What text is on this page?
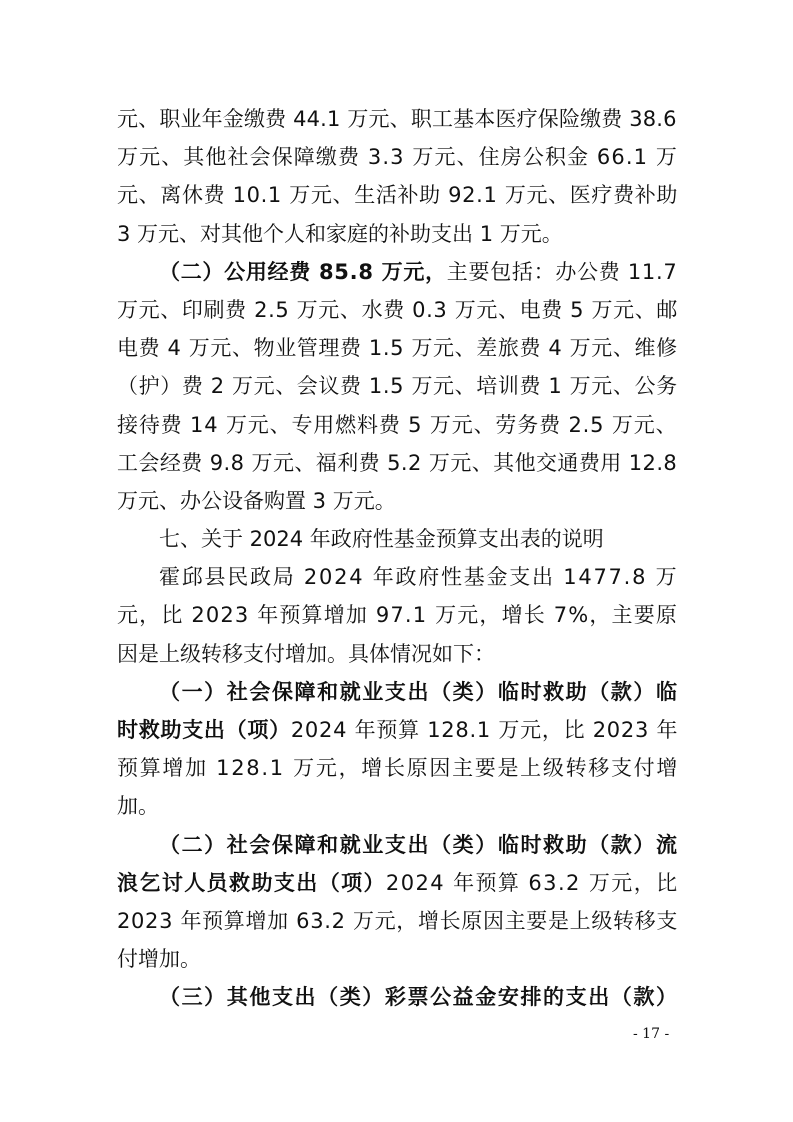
元、职业年金缴费 44.1 万元、职工基本医疗保险缴费 38.6
万元、其他社会保障缴费 3.3 万元、住房公积金 66.1 万
元、离休费 10.1 万元、生活补助 92.1 万元、医疗费补助
3 万元、对其他个人和家庭的补助支出 1 万元。
（二）公用经费 85.8 万元，主要包括：办公费 11.7
万元、印刷费 2.5 万元、水费 0.3 万元、电费 5 万元、邮
电费 4 万元、物业管理费 1.5 万元、差旅费 4 万元、维修
（护）费 2 万元、会议费 1.5 万元、培训费 1 万元、公务
接待费 14 万元、专用燃料费 5 万元、劳务费 2.5 万元、
工会经费 9.8 万元、福利费 5.2 万元、其他交通费用 12.8
万元、办公设备购置 3 万元。
七、关于 2024 年政府性基金预算支出表的说明
霍邱县民政局 2024 年政府性基金支出 1477.8 万
元，比 2023 年预算增加 97.1 万元，增长 7%，主要原
因是上级转移支付增加。具体情况如下：
（一）社会保障和就业支出（类）临时救助（款）临
时救助支出（项）2024 年预算 128.1 万元，比 2023 年
预算增加 128.1 万元，增长原因主要是上级转移支付增
加。
（二）社会保障和就业支出（类）临时救助（款）流
浪乞讨人员救助支出（项）2024 年预算 63.2 万元，比
2023 年预算增加 63.2 万元，增长原因主要是上级转移支
付增加。
（三）其他支出（类）彩票公益金安排的支出（款）
- 17 -
